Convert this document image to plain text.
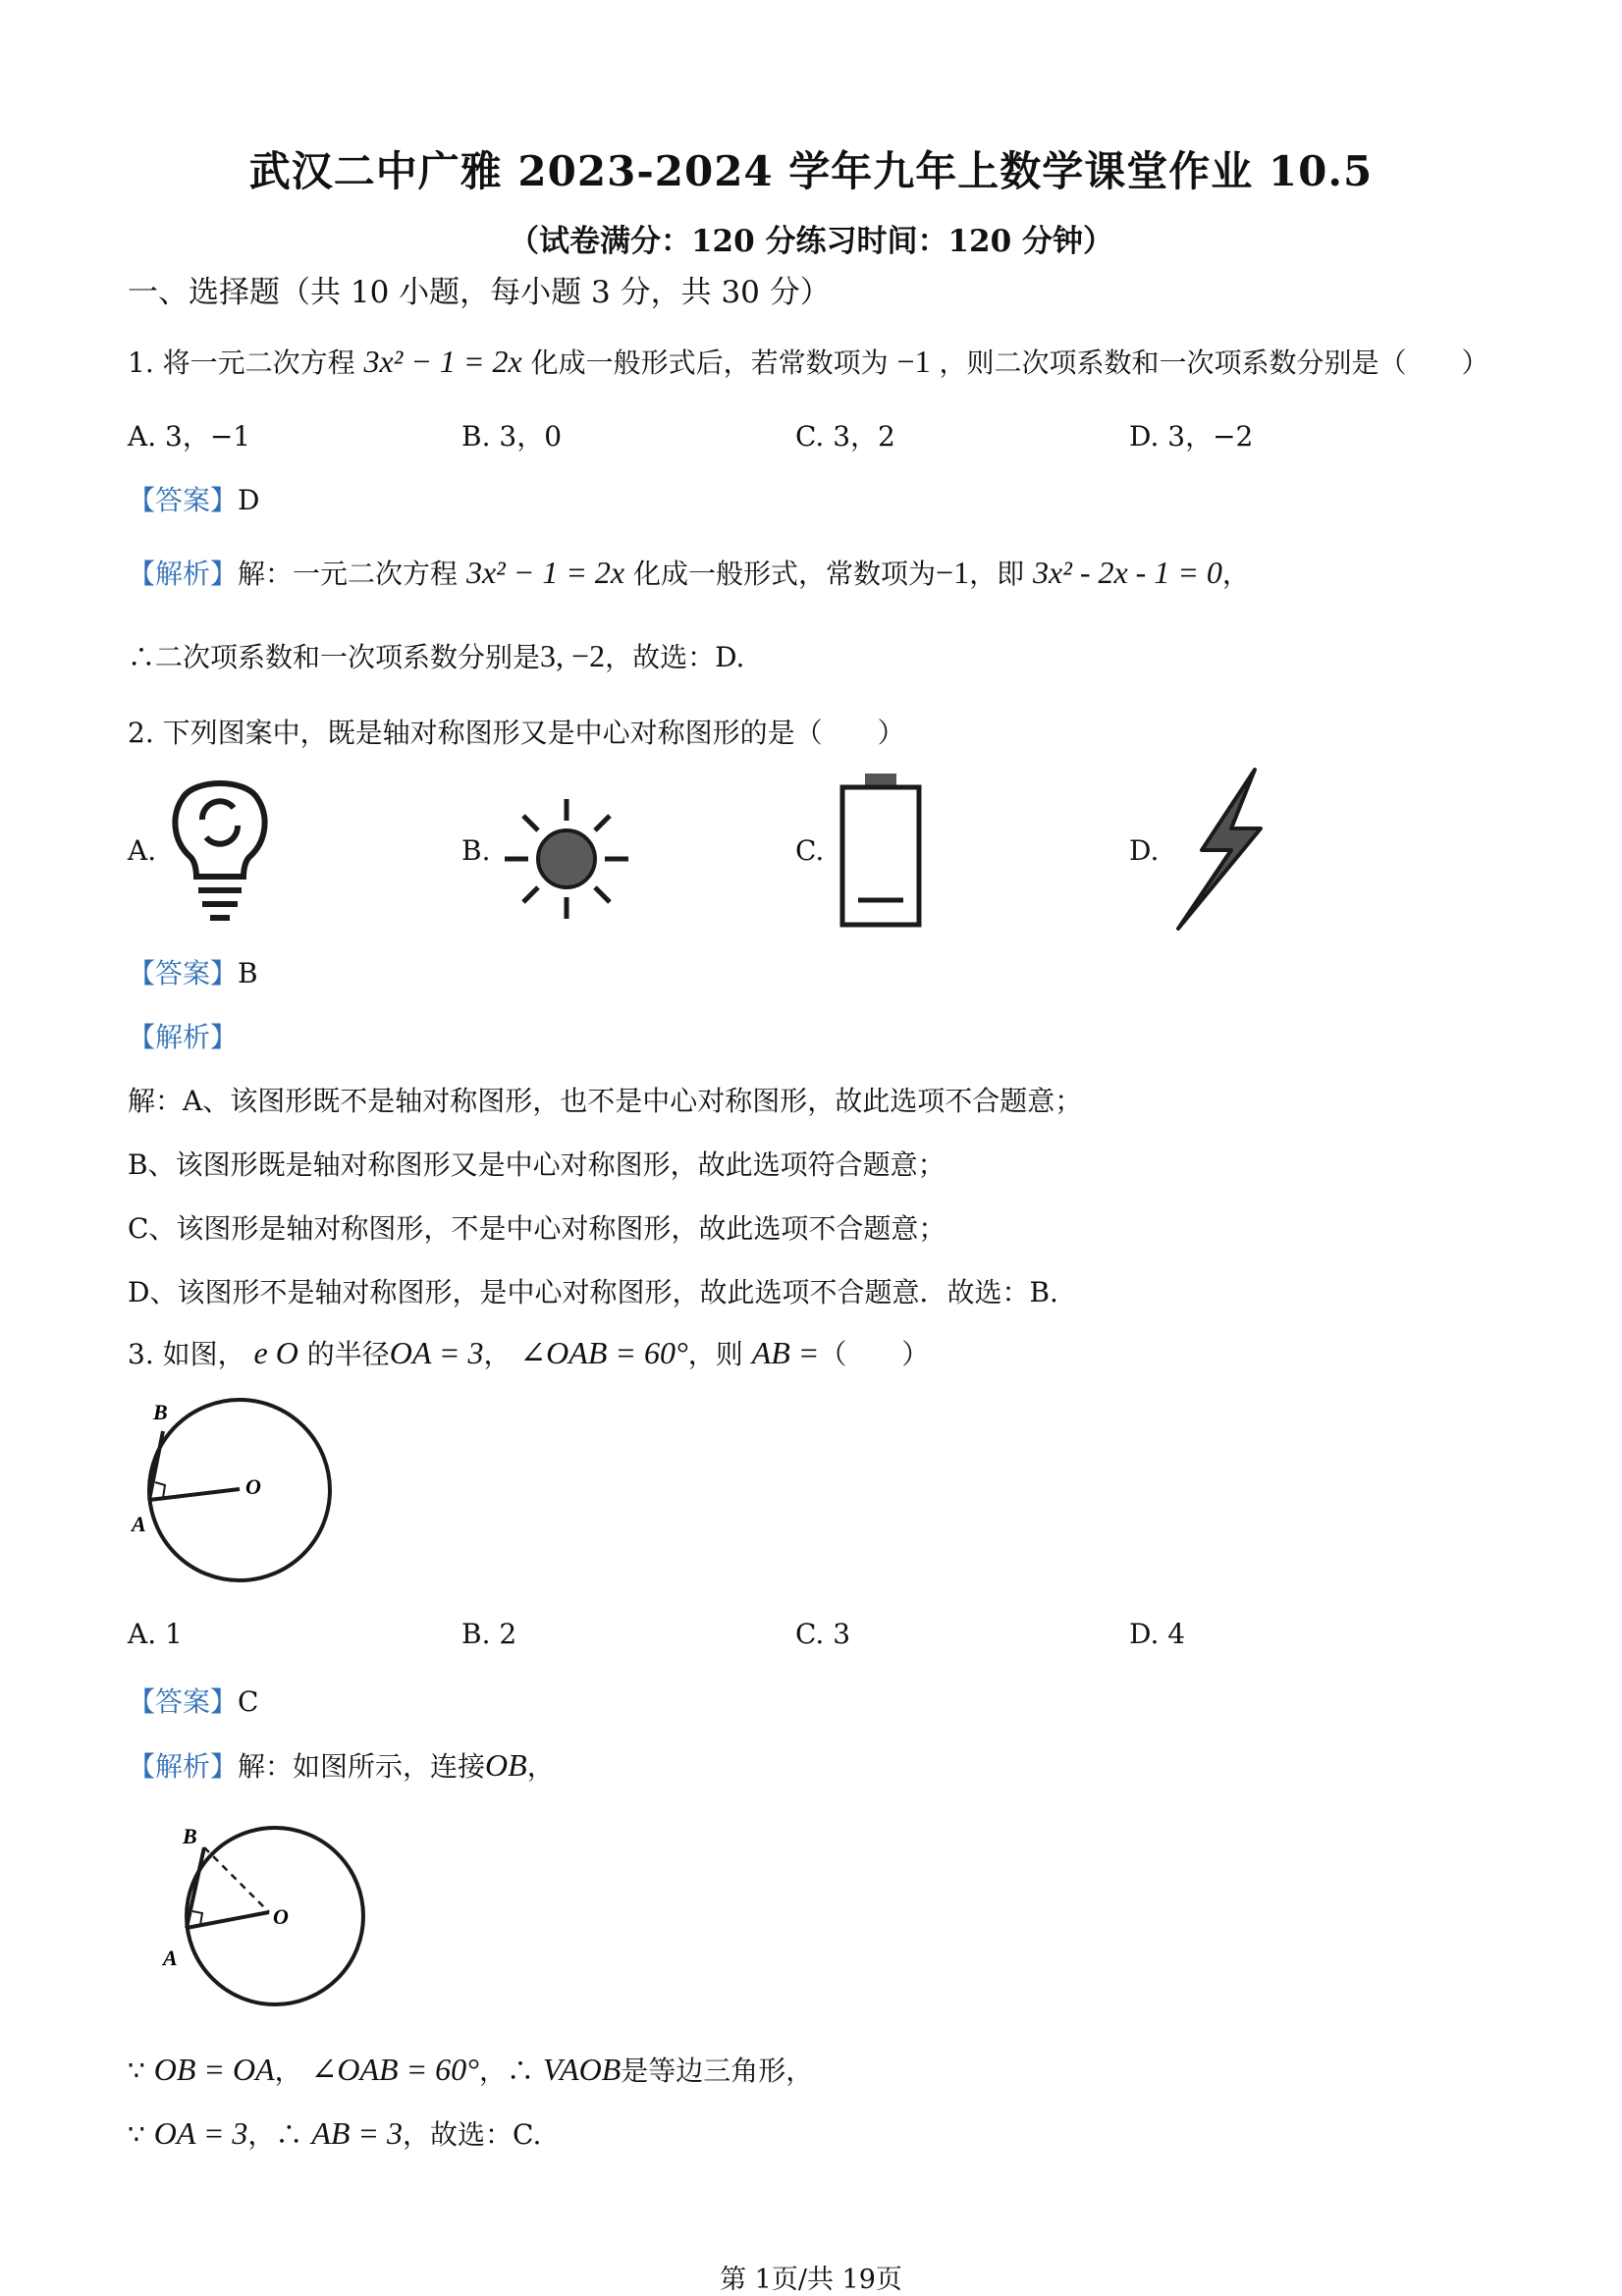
武汉二中广雅 2023-2024 学年九年上数学课堂作业 10.5
（试卷满分：120 分练习时间：120 分钟）
一、选择题（共 10 小题，每小题 3 分，共 30 分）
1. 将一元二次方程 3x² − 1 = 2x 化成一般形式后，若常数项为 −1 ，则二次项系数和一次项系数分别是（　　）
A. 3，−1	B. 3，0	C. 3，2	D. 3，−2
【答案】D
【解析】解：一元二次方程 3x² − 1 = 2x 化成一般形式，常数项为−1，即 3x² - 2x - 1 = 0，
∴二次项系数和一次项系数分别是3, −2，故选：D.
2. 下列图案中，既是轴对称图形又是中心对称图形的是（　　）
A.	B.	C.	D.
【答案】B
【解析】
解：A、该图形既不是轴对称图形，也不是中心对称图形，故此选项不合题意；
B、该图形既是轴对称图形又是中心对称图形，故此选项符合题意；
C、该图形是轴对称图形，不是中心对称图形，故此选项不合题意；
D、该图形不是轴对称图形，是中心对称图形，故此选项不合题意．故选：B.
3. 如图， e O 的半径OA = 3， ∠OAB = 60°，则 AB =（　　）
B
O
A
A. 1	B. 2	C. 3	D. 4
【答案】C
【解析】解：如图所示，连接OB，
B
O
A
∵ OB = OA， ∠OAB = 60°，∴ VAOB是等边三角形，
∵ OA = 3，∴ AB = 3，故选：C.
第 1页/共 19页
